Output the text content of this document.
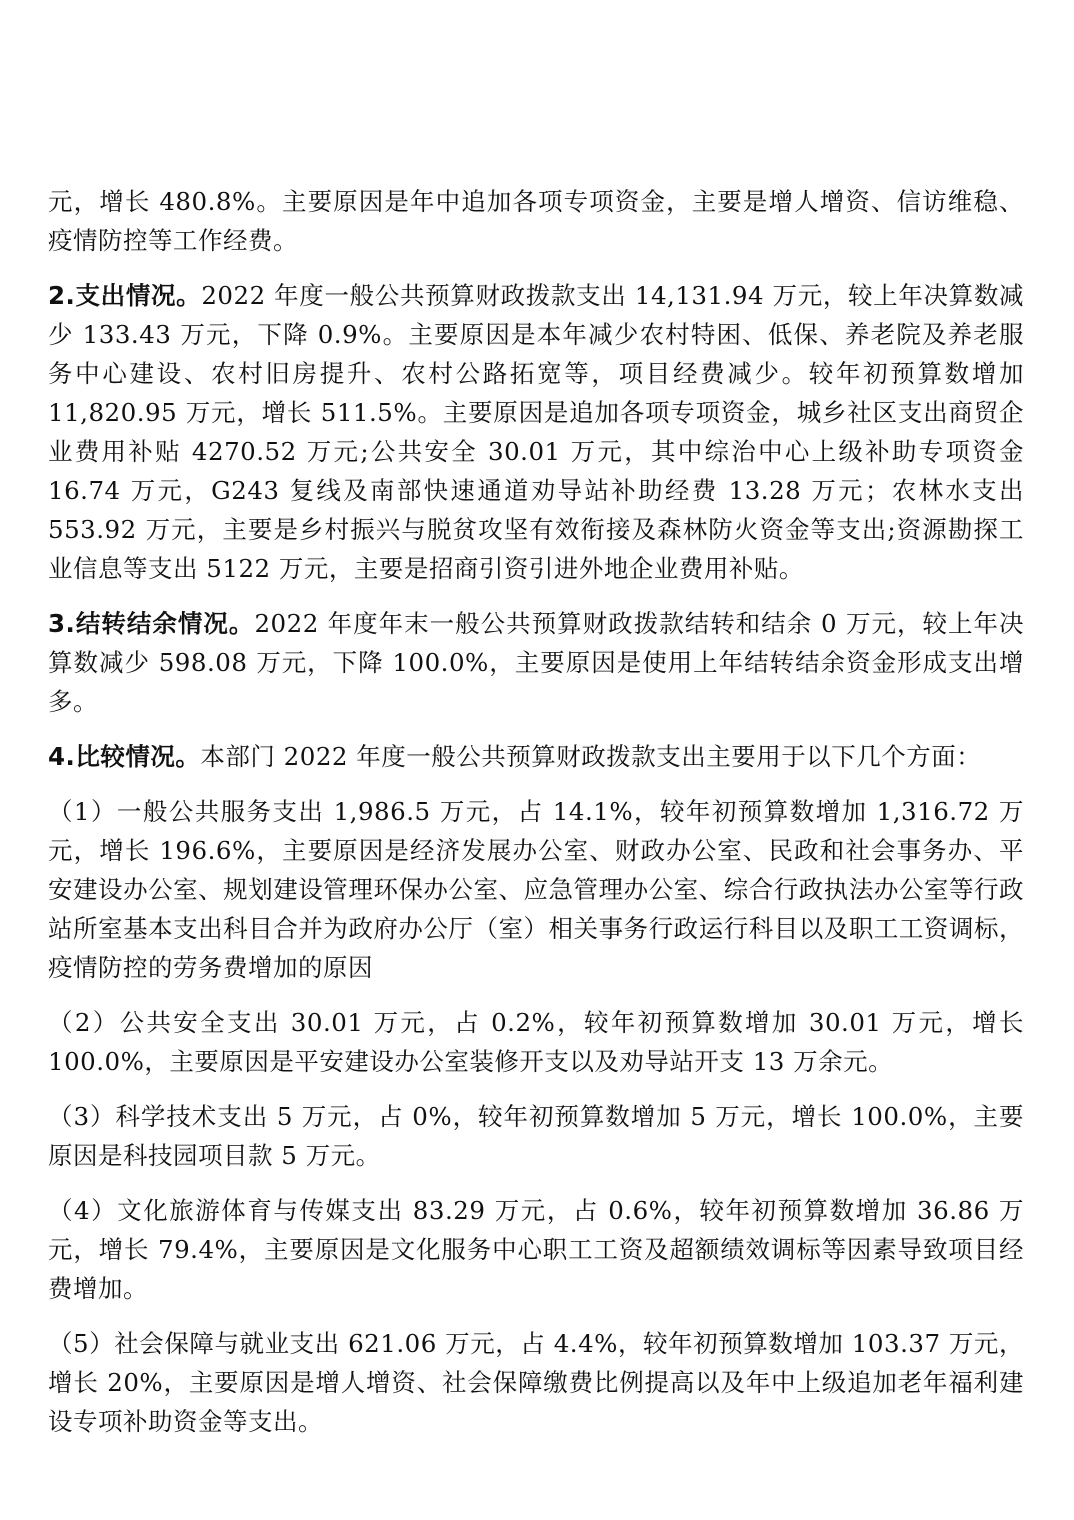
元，增长 480.8%。主要原因是年中追加各项专项资金，主要是增人增资、信访维稳、疫情防控等工作经费。

2.支出情况。2022 年度一般公共预算财政拨款支出 14,131.94 万元，较上年决算数减少 133.43 万元，下降 0.9%。主要原因是本年减少农村特困、低保、养老院及养老服务中心建设、农村旧房提升、农村公路拓宽等，项目经费减少。较年初预算数增加 11,820.95 万元，增长 511.5%。主要原因是追加各项专项资金，城乡社区支出商贸企业费用补贴 4270.52 万元;公共安全 30.01 万元，其中综治中心上级补助专项资金 16.74 万元，G243 复线及南部快速通道劝导站补助经费 13.28 万元；农林水支出 553.92 万元，主要是乡村振兴与脱贫攻坚有效衔接及森林防火资金等支出;资源勘探工业信息等支出 5122 万元，主要是招商引资引进外地企业费用补贴。

3.结转结余情况。2022 年度年末一般公共预算财政拨款结转和结余 0 万元，较上年决算数减少 598.08 万元，下降 100.0%，主要原因是使用上年结转结余资金形成支出增多。

4.比较情况。本部门 2022 年度一般公共预算财政拨款支出主要用于以下几个方面：

（1）一般公共服务支出 1,986.5 万元，占 14.1%，较年初预算数增加 1,316.72 万元，增长 196.6%，主要原因是经济发展办公室、财政办公室、民政和社会事务办、平安建设办公室、规划建设管理环保办公室、应急管理办公室、综合行政执法办公室等行政站所室基本支出科目合并为政府办公厅（室）相关事务行政运行科目以及职工工资调标，疫情防控的劳务费增加的原因

（2）公共安全支出 30.01 万元，占 0.2%，较年初预算数增加 30.01 万元，增长 100.0%，主要原因是平安建设办公室装修开支以及劝导站开支 13 万余元。

（3）科学技术支出 5 万元，占 0%，较年初预算数增加 5 万元，增长 100.0%，主要原因是科技园项目款 5 万元。

（4）文化旅游体育与传媒支出 83.29 万元，占 0.6%，较年初预算数增加 36.86 万元，增长 79.4%，主要原因是文化服务中心职工工资及超额绩效调标等因素导致项目经费增加。

（5）社会保障与就业支出 621.06 万元，占 4.4%，较年初预算数增加 103.37 万元，增长 20%，主要原因是增人增资、社会保障缴费比例提高以及年中上级追加老年福利建设专项补助资金等支出。
